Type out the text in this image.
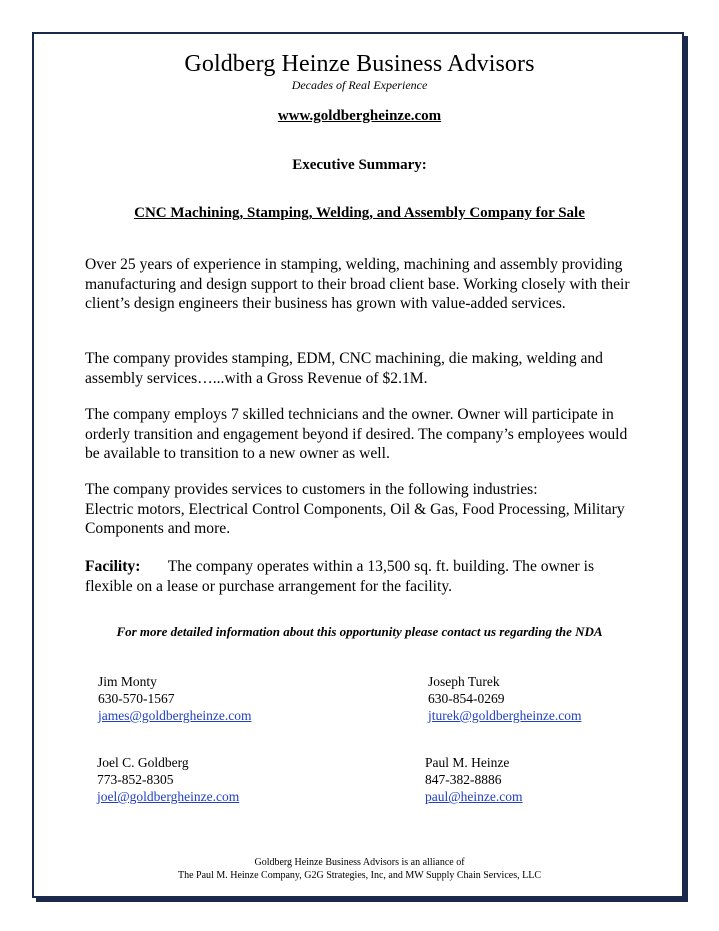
Goldberg Heinze Business Advisors
Decades of Real Experience
www.goldbergheinze.com
Executive Summary:
CNC Machining, Stamping, Welding, and Assembly Company for Sale

Over 25 years of experience in stamping, welding, machining and assembly providing manufacturing and design support to their broad client base. Working closely with their client’s design engineers their business has grown with value-added services.

The company provides stamping, EDM, CNC machining, die making, welding and assembly services…...with a Gross Revenue of $2.1M.

The company employs 7 skilled technicians and the owner. Owner will participate in orderly transition and engagement beyond if desired. The company’s employees would be available to transition to a new owner as well.

The company provides services to customers in the following industries:
Electric motors, Electrical Control Components, Oil & Gas, Food Processing, Military Components and more.

Facility: The company operates within a 13,500 sq. ft. building. The owner is flexible on a lease or purchase arrangement for the facility.

For more detailed information about this opportunity please contact us regarding the NDA
Jim Monty
630-570-1567
james@goldbergheinze.com
Joseph Turek
630-854-0269
jturek@goldbergheinze.com
Joel C. Goldberg
773-852-8305
joel@goldbergheinze.com
Paul M. Heinze
847-382-8886
paul@heinze.com
Goldberg Heinze Business Advisors is an alliance of
The Paul M. Heinze Company, G2G Strategies, Inc, and MW Supply Chain Services, LLC
